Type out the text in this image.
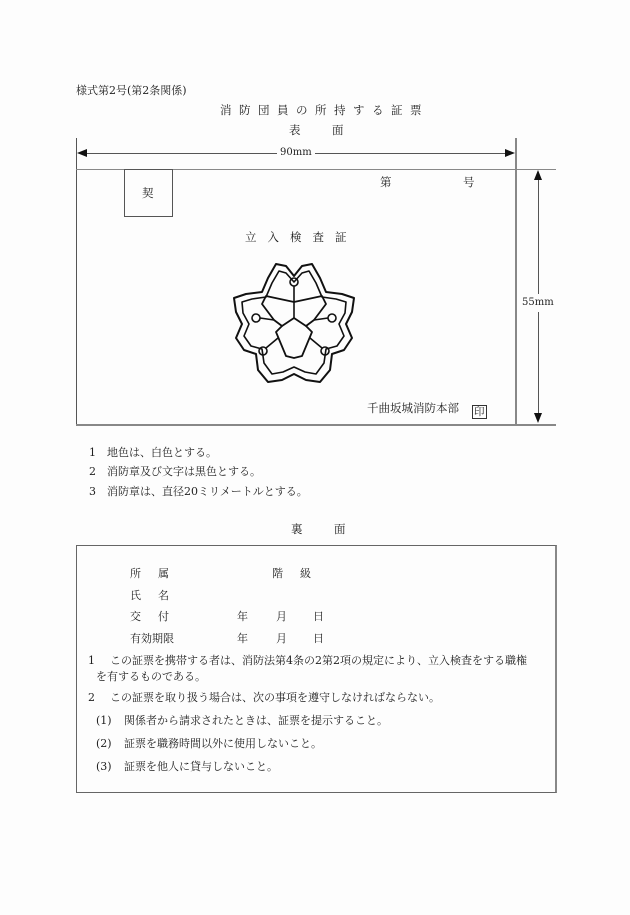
様式第2号(第2条関係)
消防団員の所持する証票
表　面
90mm
55mm
契
第	号
立入検査証
千曲坂城消防本部 印
1 地色は、白色とする。
2 消防章及び文字は黒色とする。
3 消防章は、直径20ミリメートルとする。
裏　面
所　属	階　級
氏　名
交　付	年	月 日
有効期限	年	月 日
1 この証票を携帯する者は、消防法第4条の2第2項の規定により、立入検査をする職権
を有するものである。
2 この証票を取り扱う場合は、次の事項を遵守しなければならない。
(1) 関係者から請求されたときは、証票を提示すること。
(2) 証票を職務時間以外に使用しないこと。
(3) 証票を他人に貸与しないこと。
